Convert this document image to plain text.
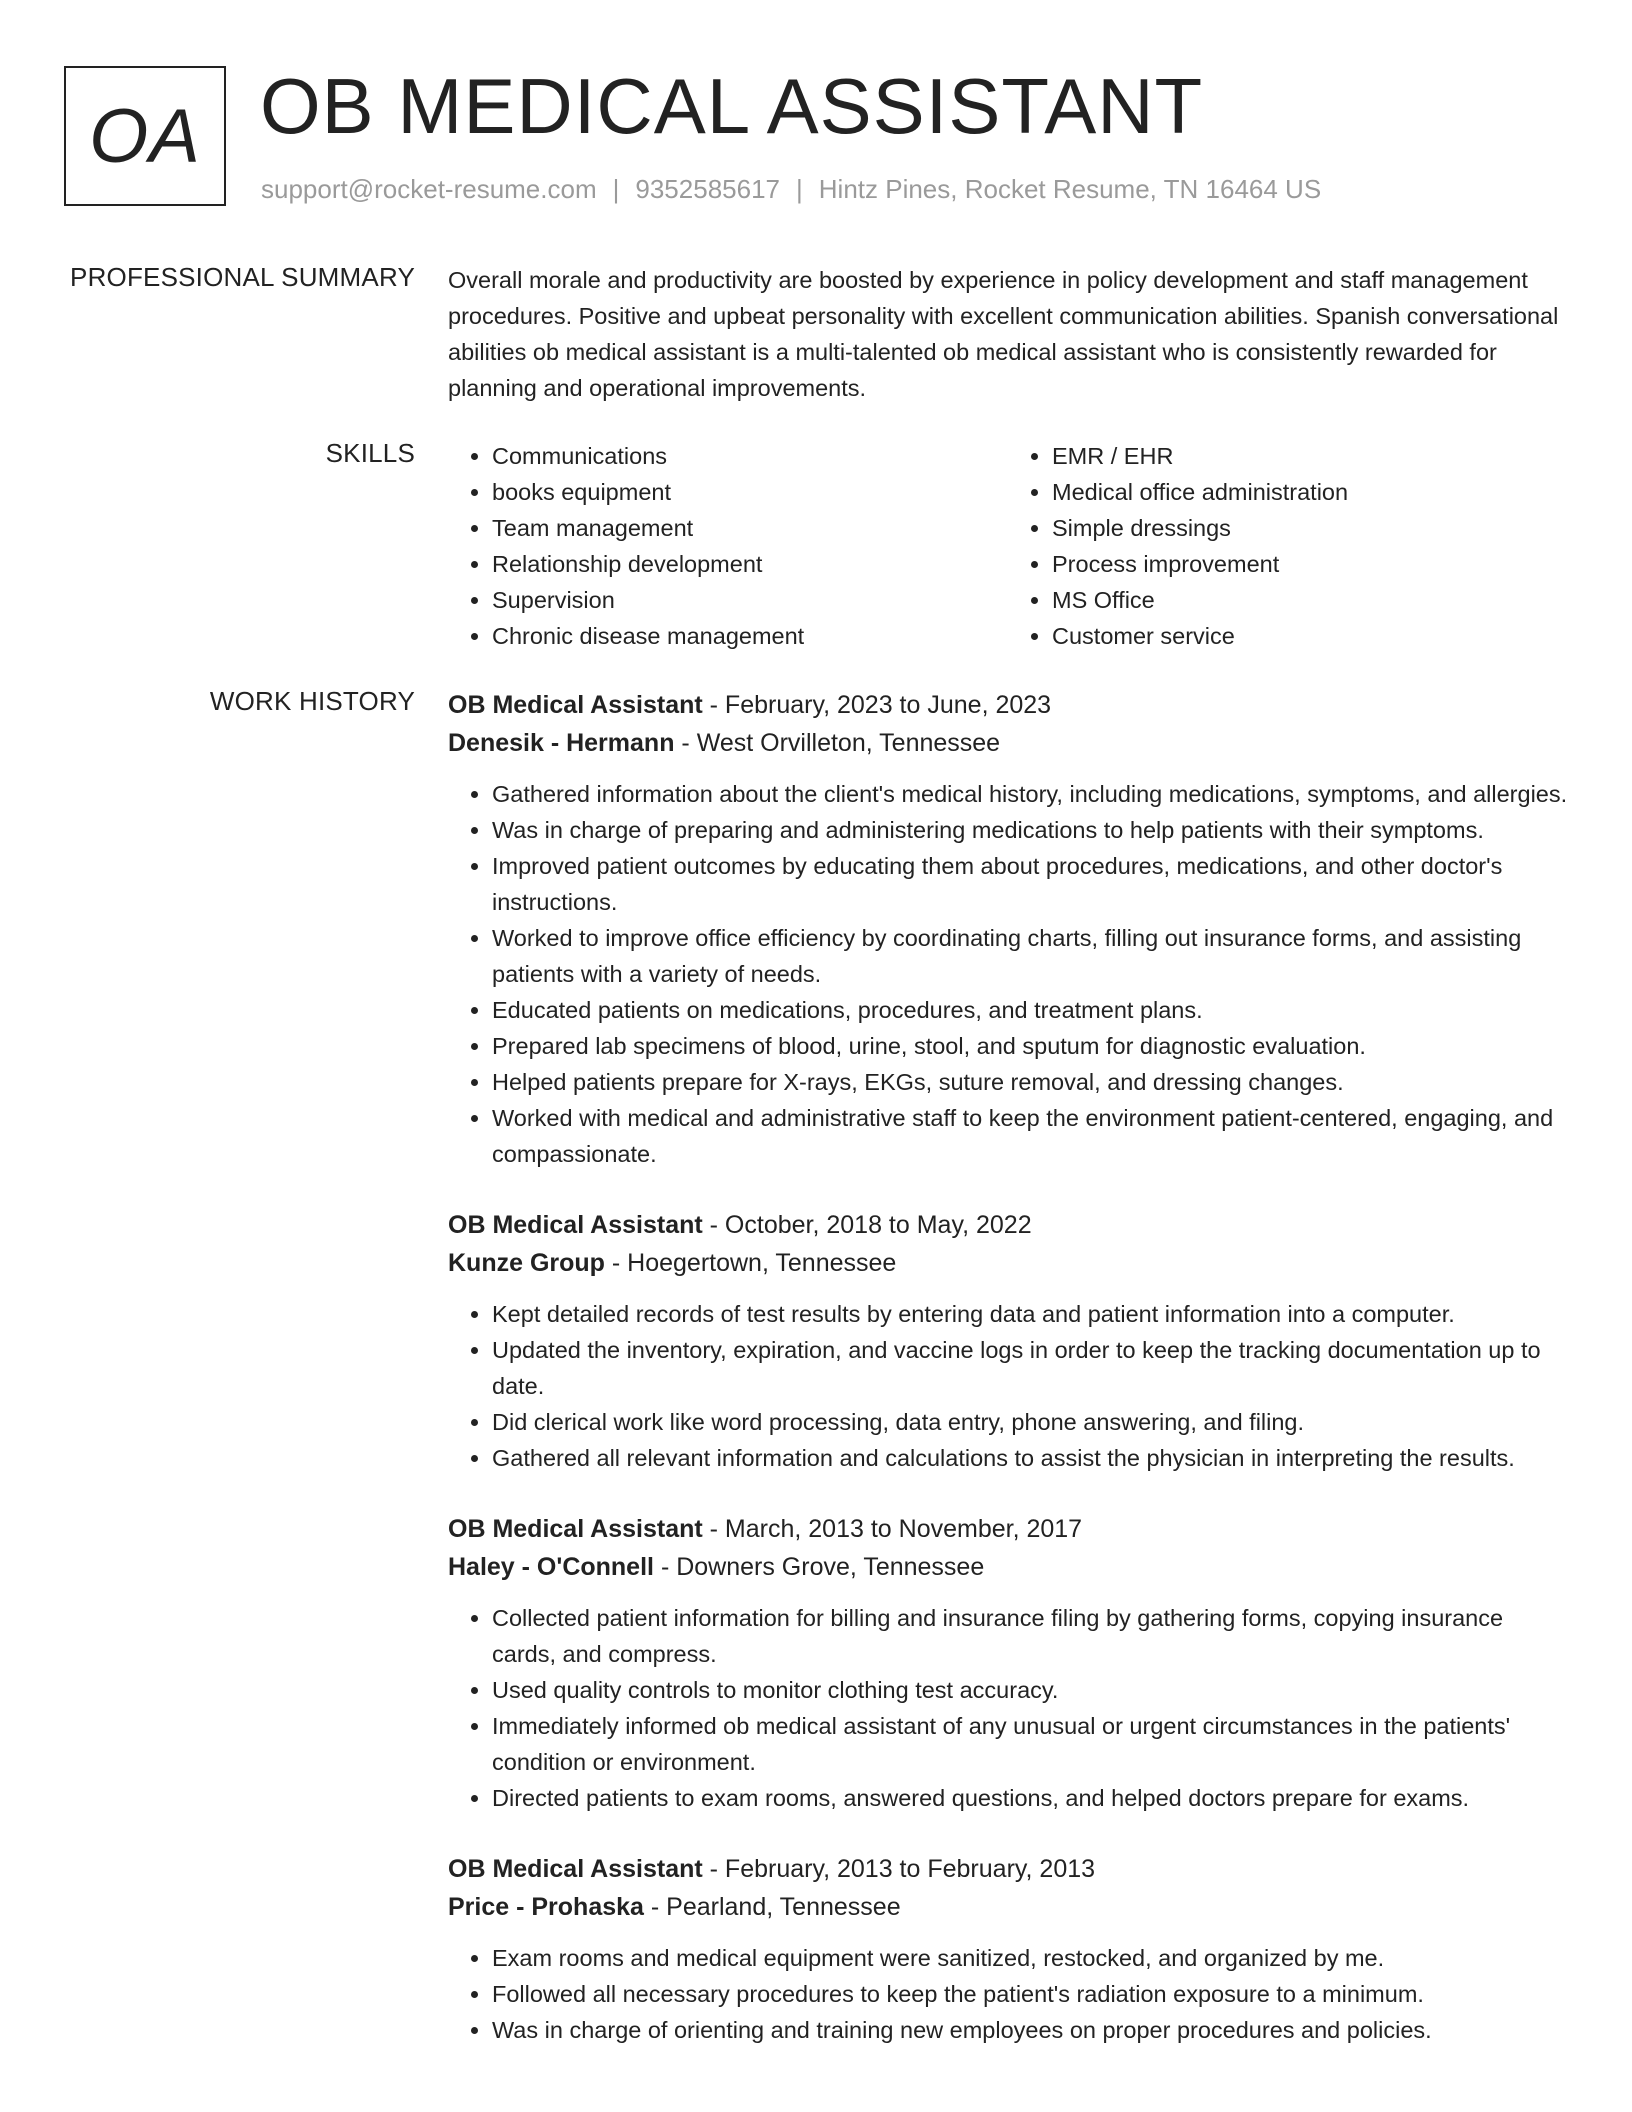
OA OB MEDICAL ASSISTANT
support@rocket-resume.com | 9352585617 | Hintz Pines, Rocket Resume, TN 16464 US
PROFESSIONAL SUMMARY Overall morale and productivity are boosted by experience in policy development and staff management procedures. Positive and upbeat personality with excellent communication abilities. Spanish conversational abilities ob medical assistant is a multi-talented ob medical assistant who is consistently rewarded for planning and operational improvements.

SKILLS
•	Communications
• books equipment
• Team management
• Relationship development
• Supervision
• Chronic disease management
• EMR / EHR
• Medical office administration
• Simple dressings
• Process improvement
• MS Office
• Customer service
WORK HISTORY OB Medical Assistant - February, 2023 to June, 2023
Denesik - Hermann - West Orvilleton, Tennessee
• Gathered information about the client's medical history, including medications, symptoms, and allergies.
• Was in charge of preparing and administering medications to help patients with their symptoms.
• Improved patient outcomes by educating them about procedures, medications, and other doctor's instructions.
• Worked to improve office efficiency by coordinating charts, filling out insurance forms, and assisting patients with a variety of needs.
• Educated patients on medications, procedures, and treatment plans.
• Prepared lab specimens of blood, urine, stool, and sputum for diagnostic evaluation.
• Helped patients prepare for X-rays, EKGs, suture removal, and dressing changes.
• Worked with medical and administrative staff to keep the environment patient-centered, engaging, and compassionate.
OB Medical Assistant - October, 2018 to May, 2022
Kunze Group - Hoegertown, Tennessee
• Kept detailed records of test results by entering data and patient information into a computer.
• Updated the inventory, expiration, and vaccine logs in order to keep the tracking documentation up to date.
• Did clerical work like word processing, data entry, phone answering, and filing.
• Gathered all relevant information and calculations to assist the physician in interpreting the results.
OB Medical Assistant - March, 2013 to November, 2017
Haley - O'Connell - Downers Grove, Tennessee
• Collected patient information for billing and insurance filing by gathering forms, copying insurance cards, and compress.
• Used quality controls to monitor clothing test accuracy.
• Immediately informed ob medical assistant of any unusual or urgent circumstances in the patients' condition or environment.
• Directed patients to exam rooms, answered questions, and helped doctors prepare for exams.
OB Medical Assistant - February, 2013 to February, 2013
Price - Prohaska - Pearland, Tennessee
• Exam rooms and medical equipment were sanitized, restocked, and organized by me.
• Followed all necessary procedures to keep the patient's radiation exposure to a minimum.
• Was in charge of orienting and training new employees on proper procedures and policies.
